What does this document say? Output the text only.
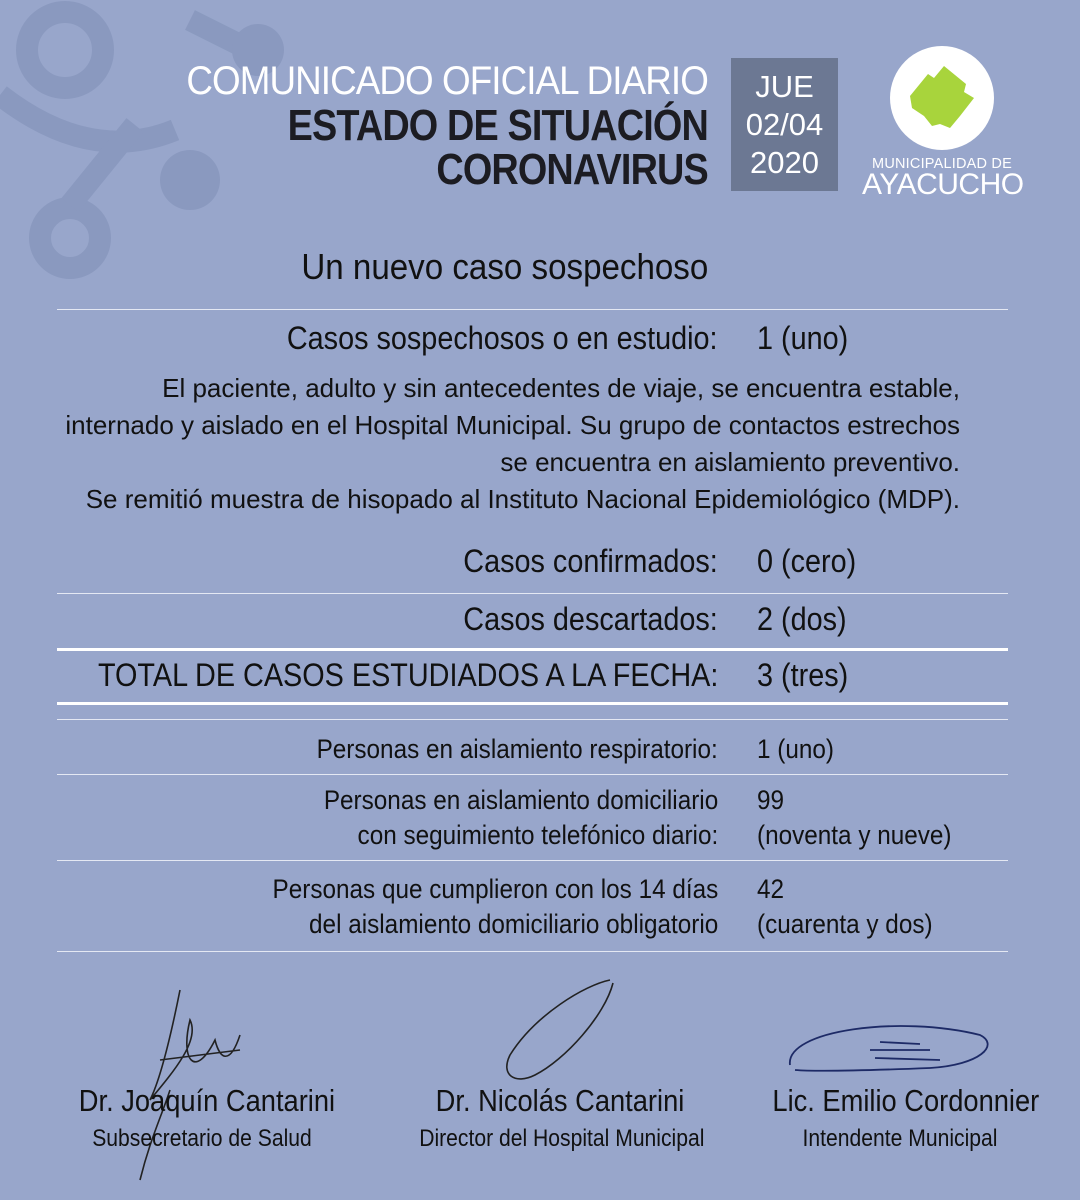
COMUNICADO OFICIAL DIARIO
ESTADO DE SITUACIÓN
CORONAVIRUS
JUE
02/04
2020	MUNICIPALIDAD DE
AYACUCHO
Un nuevo caso sospechoso
Casos sospechosos o en estudio: 1 (uno)
El paciente, adulto y sin antecedentes de viaje, se encuentra estable,
internado y aislado en el Hospital Municipal. Su grupo de contactos estrechos
se encuentra en aislamiento preventivo.
Se remitió muestra de hisopado al Instituto Nacional Epidemiológico (MDP).
Casos confirmados: 0 (cero)
Casos descartados: 2 (dos)
TOTAL DE CASOS ESTUDIADOS A LA FECHA: 3 (tres)
Personas en aislamiento respiratorio: 1 (uno)
Personas en aislamiento domiciliario
con seguimiento telefónico diario:
99
(noventa y nueve)
Personas que cumplieron con los 14 días
del aislamiento domiciliario obligatorio
42
(cuarenta y dos)
Dr. Joaquín Cantarini
Subsecretario de Salud
Dr. Nicolás Cantarini
Director del Hospital Municipal
Lic. Emilio Cordonnier
Intendente Municipal
